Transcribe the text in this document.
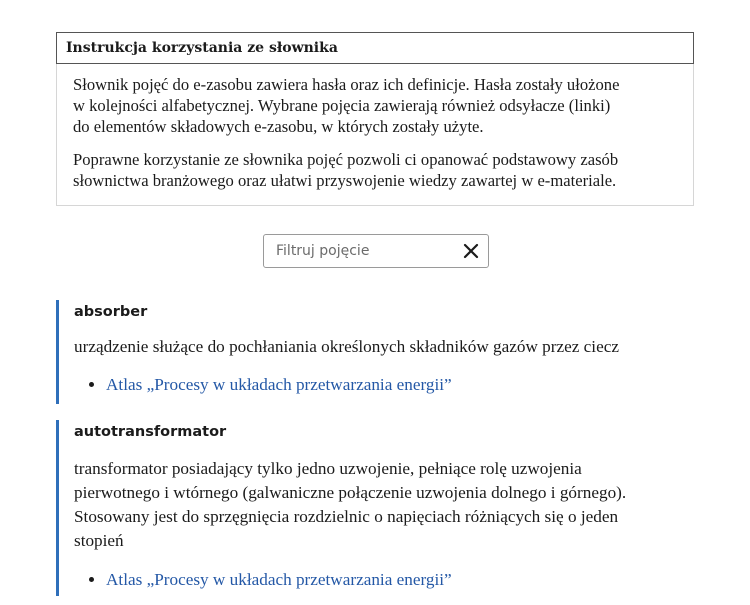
Instrukcja korzystania ze słownika

Słownik pojęć do e-zasobu zawiera hasła oraz ich definicje. Hasła zostały ułożone
w kolejności alfabetycznej. Wybrane pojęcia zawierają również odsyłacze (linki)
do elementów składowych e-zasobu, w których zostały użyte.

Poprawne korzystanie ze słownika pojęć pozwoli ci opanować podstawowy zasób
słownictwa branżowego oraz ułatwi przyswojenie wiedzy zawartej w e-materiale.

Filtruj pojęcie
absorber

urządzenie służące do pochłaniania określonych składników gazów przez ciecz

• Atlas „Procesy w układach przetwarzania energii”
autotransformator

transformator posiadający tylko jedno uzwojenie, pełniące rolę uzwojenia
pierwotnego i wtórnego (galwaniczne połączenie uzwojenia dolnego i górnego).
Stosowany jest do sprzęgnięcia rozdzielnic o napięciach różniących się o jeden
stopień

• Atlas „Procesy w układach przetwarzania energii”
